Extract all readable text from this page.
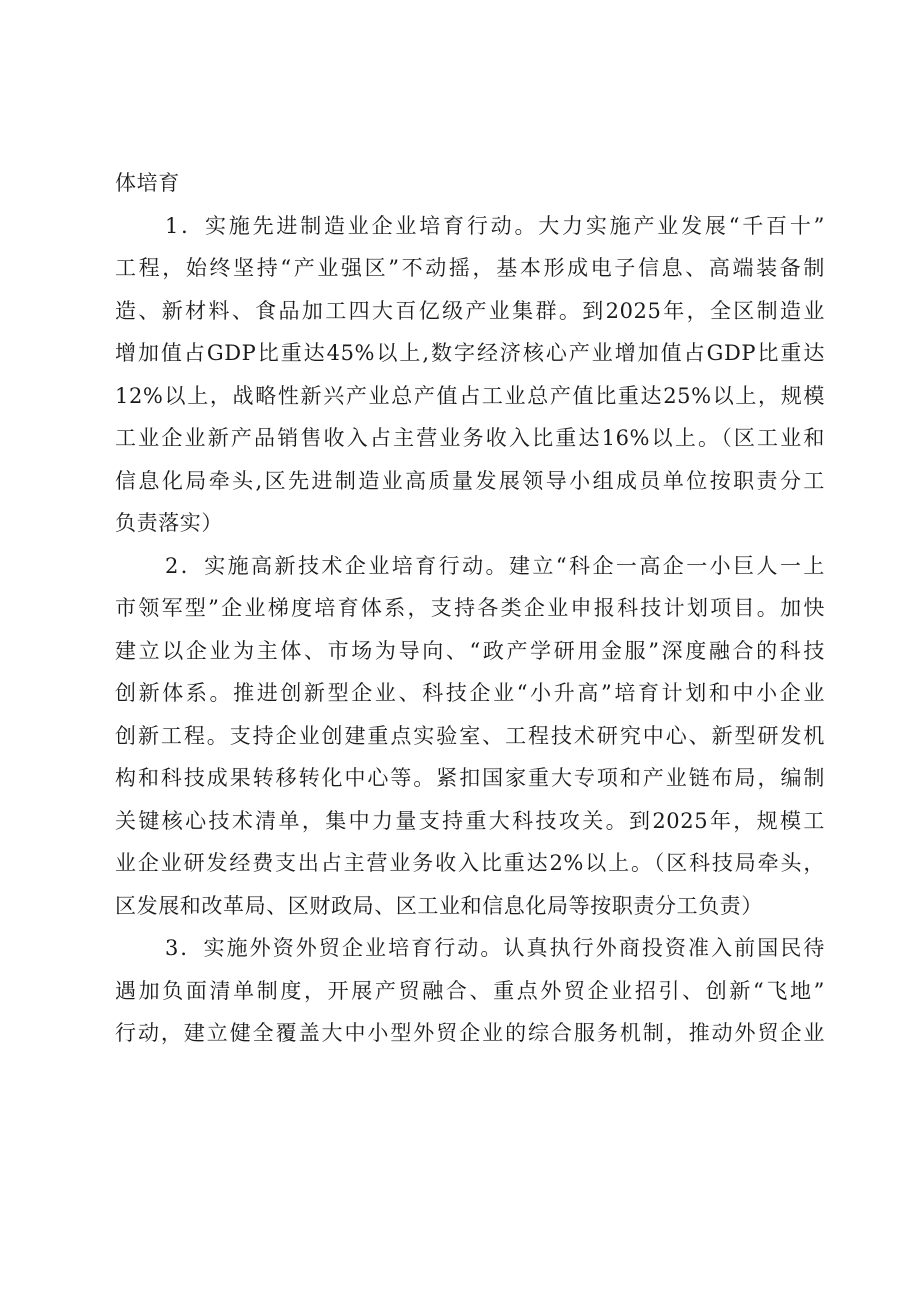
体培育
1．实施先进制造业企业培育行动。大力实施产业发展“千百十”
工程，始终坚持“产业强区”不动摇，基本形成电子信息、高端装备制
造、新材料、食品加工四大百亿级产业集群。到2025年，全区制造业
增加值占GDP比重达45%以上,数字经济核心产业增加值占GDP比重达
12%以上，战略性新兴产业总产值占工业总产值比重达25%以上，规模
工业企业新产品销售收入占主营业务收入比重达16%以上。（区工业和
信息化局牵头,区先进制造业高质量发展领导小组成员单位按职责分工
负责落实）
2．实施高新技术企业培育行动。建立“科企一高企一小巨人一上
市领军型”企业梯度培育体系，支持各类企业申报科技计划项目。加快
建立以企业为主体、市场为导向、“政产学研用金服”深度融合的科技
创新体系。推进创新型企业、科技企业“小升高”培育计划和中小企业
创新工程。支持企业创建重点实验室、工程技术研究中心、新型研发机
构和科技成果转移转化中心等。紧扣国家重大专项和产业链布局，编制
关键核心技术清单，集中力量支持重大科技攻关。到2025年，规模工
业企业研发经费支出占主营业务收入比重达2%以上。（区科技局牵头，
区发展和改革局、区财政局、区工业和信息化局等按职责分工负责）
3．实施外资外贸企业培育行动。认真执行外商投资准入前国民待
遇加负面清单制度，开展产贸融合、重点外贸企业招引、创新“飞地”
行动，建立健全覆盖大中小型外贸企业的综合服务机制，推动外贸企业
